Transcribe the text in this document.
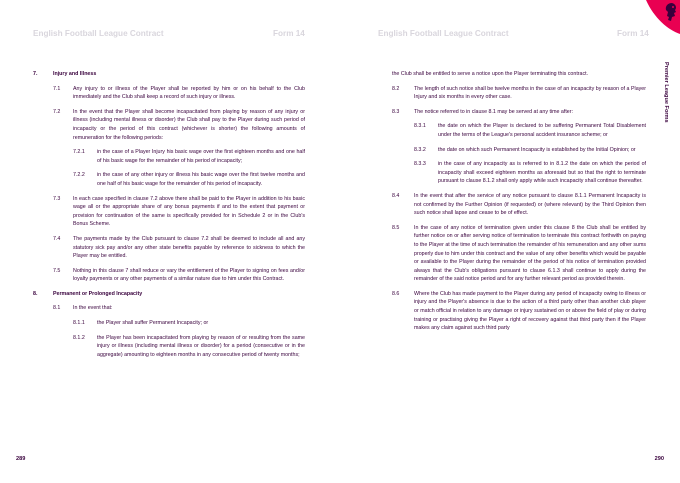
English Football League Contract	Form 14	English Football League Contract	Form 14
Premier League Forms
7.	Injury and Illness
7.1	Any injury to or illness of the Player shall be reported by him or on his behalf to the Club immediately and the Club shall keep a record of such injury or illness.
7.2	In the event that the Player shall become incapacitated from playing by reason of any injury or illness (including mental illness or disorder) the Club shall pay to the Player during such period of incapacity or the period of this contract (whichever is shorter) the following amounts of remuneration for the following periods:
7.2.1	in the case of a Player Injury his basic wage over the first eighteen months and one half of his basic wage for the remainder of his period of incapacity;
7.2.2	in the case of any other injury or illness his basic wage over the first twelve months and one half of his basic wage for the remainder of his period of incapacity.
7.3	In each case specified in clause 7.2 above there shall be paid to the Player in addition to his basic wage all or the appropriate share of any bonus payments if and to the extent that payment or provision for continuation of the same is specifically provided for in Schedule 2 or in the Club's Bonus Scheme.
7.4	The payments made by the Club pursuant to clause 7.2 shall be deemed to include all and any statutory sick pay and/or any other state benefits payable by reference to sickness to which the Player may be entitled.
7.5	Nothing in this clause 7 shall reduce or vary the entitlement of the Player to signing on fees and/or loyalty payments or any other payments of a similar nature due to him under this Contract.
8.	Permanent or Prolonged Incapacity
8.1	In the event that:
8.1.1	the Player shall suffer Permanent Incapacity; or
8.1.2	the Player has been incapacitated from playing by reason of or resulting from the same injury or illness (including mental illness or disorder) for a period (consecutive or in the aggregate) amounting to eighteen months in any consecutive period of twenty months;
the Club shall be entitled to serve a notice upon the Player terminating this contract.
8.2	The length of such notice shall be twelve months in the case of an incapacity by reason of a Player Injury and six months in every other case.
8.3	The notice referred to in clause 8.1 may be served at any time after:
8.3.1	the date on which the Player is declared to be suffering Permanent Total Disablement under the terms of the League's personal accident insurance scheme; or
8.3.2	the date on which such Permanent Incapacity is established by the Initial Opinion; or
8.3.3	in the case of any incapacity as is referred to in 8.1.2 the date on which the period of incapacity shall exceed eighteen months as aforesaid but so that the right to terminate pursuant to clause 8.1.2 shall only apply while such incapacity shall continue thereafter.
8.4	In the event that after the service of any notice pursuant to clause 8.1.1 Permanent Incapacity is not confirmed by the Further Opinion (if requested) or (where relevant) by the Third Opinion then such notice shall lapse and cease to be of effect.
8.5	In the case of any notice of termination given under this clause 8 the Club shall be entitled by further notice on or after serving notice of termination to terminate this contract forthwith on paying to the Player at the time of such termination the remainder of his remuneration and any other sums properly due to him under this contract and the value of any other benefits which would be payable or available to the Player during the remainder of the period of his notice of termination provided always that the Club's obligations pursuant to clause 6.1.3 shall continue to apply during the remainder of the said notice period and for any further relevant period as provided therein.
8.6	Where the Club has made payment to the Player during any period of incapacity owing to illness or injury and the Player's absence is due to the action of a third party other than another club player or match official in relation to any damage or injury sustained on or above the field of play or during training or practising giving the Player a right of recovery against that third party then if the Player makes any claim against such third party
289	290
